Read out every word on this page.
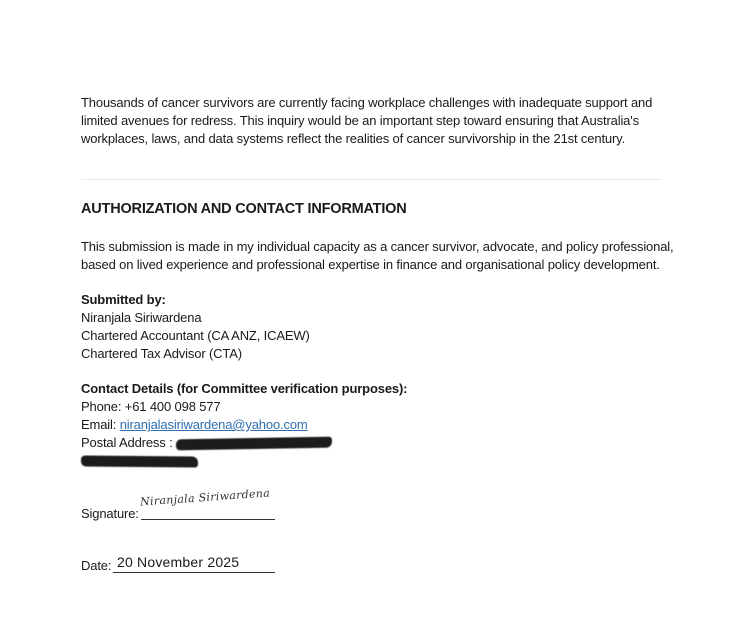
Thousands of cancer survivors are currently facing workplace challenges with inadequate support and
limited avenues for redress. This inquiry would be an important step toward ensuring that Australia's
workplaces, laws, and data systems reflect the realities of cancer survivorship in the 21st century.

AUTHORIZATION AND CONTACT INFORMATION

This submission is made in my individual capacity as a cancer survivor, advocate, and policy professional,
based on lived experience and professional expertise in finance and organisational policy development.

Submitted by:
Niranjala Siriwardena
Chartered Accountant (CA ANZ, ICAEW)
Chartered Tax Advisor (CTA)
Contact Details (for Committee verification purposes):
Phone: +61 400 098 577
Email: niranjalasiriwardena@yahoo.com
Postal Address :
Signature:
Niranjala Siriwardena
Date: 20 November 2025
